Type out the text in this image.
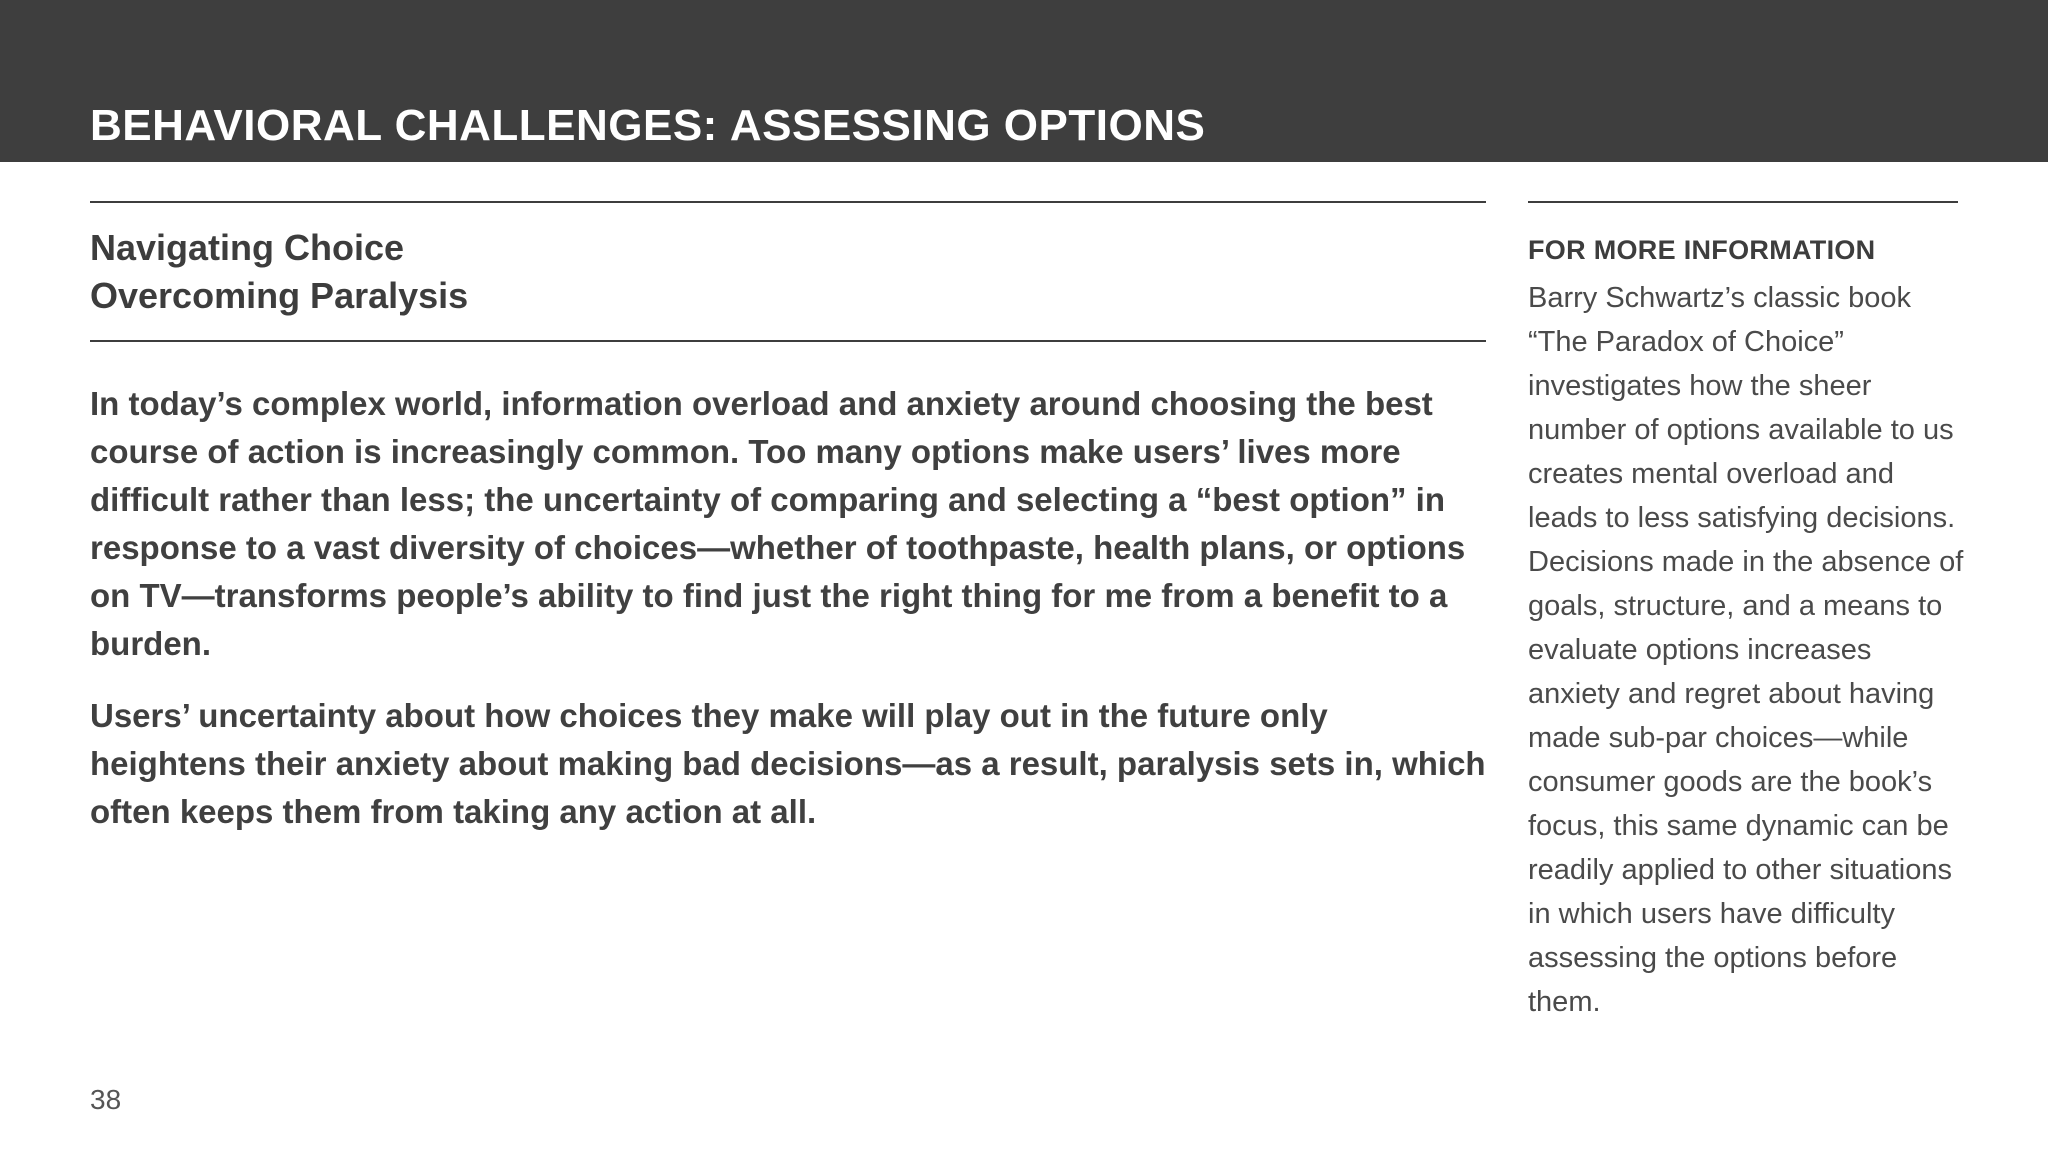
BEHAVIORAL CHALLENGES: ASSESSING OPTIONS
Navigating Choice
Overcoming Paralysis

In today’s complex world, information overload and anxiety around choosing the best course of action is increasingly common. Too many options make users’ lives more difficult rather than less; the uncertainty of comparing and selecting a “best option” in response to a vast diversity of choices—whether of toothpaste, health plans, or options on TV—transforms people’s ability to find just the right thing for me from a benefit to a burden.

Users’ uncertainty about how choices they make will play out in the future only heightens their anxiety about making bad decisions—as a result, paralysis sets in, which often keeps them from taking any action at all.

FOR MORE INFORMATION

Barry Schwartz’s classic book “The Paradox of Choice” investigates how the sheer number of options available to us creates mental overload and leads to less satisfying decisions. Decisions made in the absence of goals, structure, and a means to evaluate options increases anxiety and regret about having made sub-par choices—while consumer goods are the book’s focus, this same dynamic can be readily applied to other situations in which users have difficulty assessing the options before them.

38
